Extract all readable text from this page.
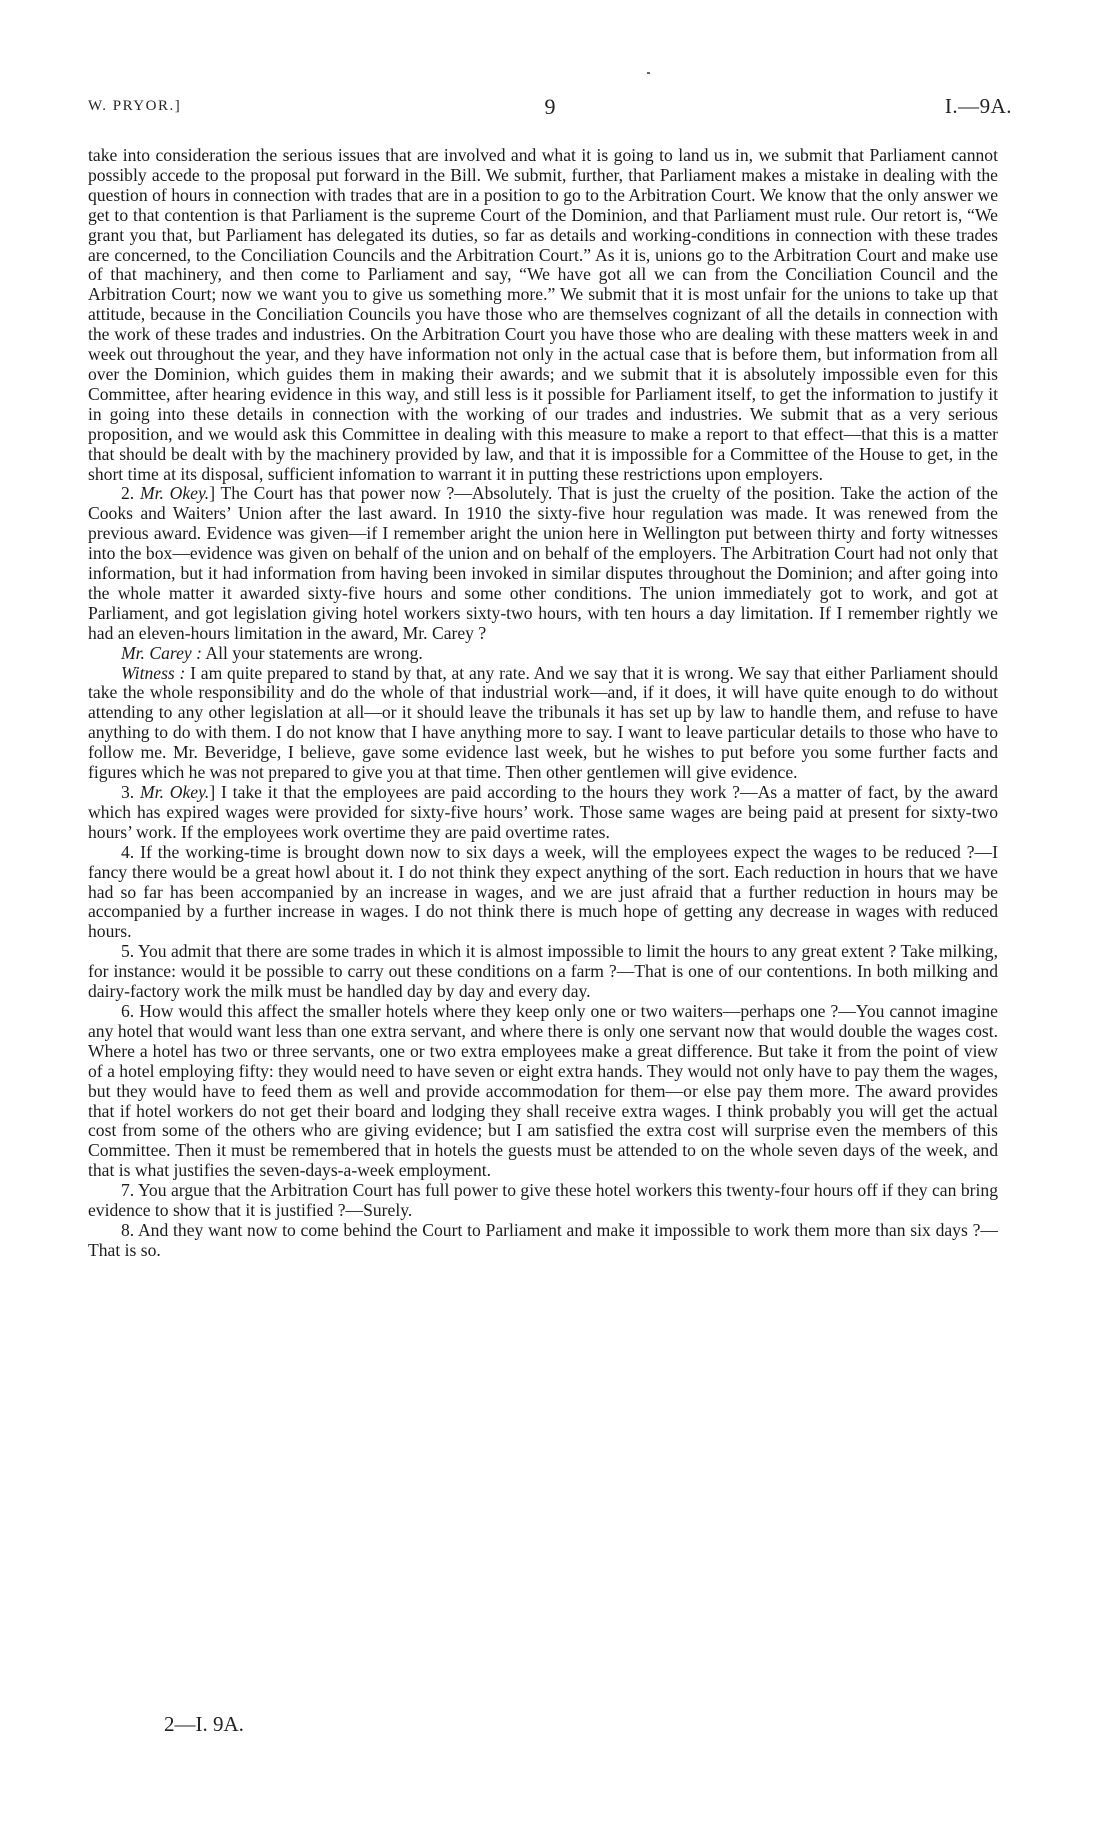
W. PRYOR.]	9	I.—9A.

take into consideration the serious issues that are involved and what it is going to land us in, we submit that Parliament cannot possibly accede to the proposal put forward in the Bill. We submit, further, that Parliament makes a mistake in dealing with the question of hours in connection with trades that are in a position to go to the Arbitration Court. We know that the only answer we get to that contention is that Parliament is the supreme Court of the Dominion, and that Parliament must rule. Our retort is, “We grant you that, but Parliament has delegated its duties, so far as details and working-conditions in connection with these trades are concerned, to the Conciliation Councils and the Arbitration Court.” As it is, unions go to the Arbitration Court and make use of that machinery, and then come to Parliament and say, “We have got all we can from the Conciliation Council and the Arbitration Court; now we want you to give us something more.” We submit that it is most unfair for the unions to take up that attitude, because in the Conciliation Councils you have those who are themselves cognizant of all the details in connection with the work of these trades and industries. On the Arbitration Court you have those who are dealing with these matters week in and week out throughout the year, and they have information not only in the actual case that is before them, but information from all over the Dominion, which guides them in making their awards; and we submit that it is absolutely impossible even for this Committee, after hearing evidence in this way, and still less is it possible for Parliament itself, to get the information to justify it in going into these details in connection with the working of our trades and industries. We submit that as a very serious proposition, and we would ask this Committee in dealing with this measure to make a report to that effect—that this is a matter that should be dealt with by the machinery provided by law, and that it is impossible for a Committee of the House to get, in the short time at its disposal, sufficient infomation to warrant it in putting these restrictions upon employers.

2. Mr. Okey.] The Court has that power now ?—Absolutely. That is just the cruelty of the position. Take the action of the Cooks and Waiters’ Union after the last award. In 1910 the sixty-five hour regulation was made. It was renewed from the previous award. Evidence was given—if I remember aright the union here in Wellington put between thirty and forty witnesses into the box—evidence was given on behalf of the union and on behalf of the employers. The Arbitration Court had not only that information, but it had information from having been invoked in similar disputes throughout the Dominion; and after going into the whole matter it awarded sixty-five hours and some other conditions. The union immediately got to work, and got at Parliament, and got legislation giving hotel workers sixty-two hours, with ten hours a day limitation. If I remember rightly we had an eleven-hours limitation in the award, Mr. Carey ?

Mr. Carey : All your statements are wrong.

Witness : I am quite prepared to stand by that, at any rate. And we say that it is wrong. We say that either Parliament should take the whole responsibility and do the whole of that industrial work—and, if it does, it will have quite enough to do without attending to any other legislation at all—or it should leave the tribunals it has set up by law to handle them, and refuse to have anything to do with them. I do not know that I have anything more to say. I want to leave particular details to those who have to follow me. Mr. Beveridge, I believe, gave some evidence last week, but he wishes to put before you some further facts and figures which he was not prepared to give you at that time. Then other gentlemen will give evidence.

3. Mr. Okey.] I take it that the employees are paid according to the hours they work ?—As a matter of fact, by the award which has expired wages were provided for sixty-five hours’ work. Those same wages are being paid at present for sixty-two hours’ work. If the employees work overtime they are paid overtime rates.

4. If the working-time is brought down now to six days a week, will the employees expect the wages to be reduced ?—I fancy there would be a great howl about it. I do not think they expect anything of the sort. Each reduction in hours that we have had so far has been accompanied by an increase in wages, and we are just afraid that a further reduction in hours may be accompanied by a further increase in wages. I do not think there is much hope of getting any decrease in wages with reduced hours.

5. You admit that there are some trades in which it is almost impossible to limit the hours to any great extent ? Take milking, for instance: would it be possible to carry out these conditions on a farm ?—That is one of our contentions. In both milking and dairy-factory work the milk must be handled day by day and every day.

6. How would this affect the smaller hotels where they keep only one or two waiters—perhaps one ?—You cannot imagine any hotel that would want less than one extra servant, and where there is only one servant now that would double the wages cost. Where a hotel has two or three servants, one or two extra employees make a great difference. But take it from the point of view of a hotel employing fifty: they would need to have seven or eight extra hands. They would not only have to pay them the wages, but they would have to feed them as well and provide accommodation for them—or else pay them more. The award provides that if hotel workers do not get their board and lodging they shall receive extra wages. I think probably you will get the actual cost from some of the others who are giving evidence; but I am satisfied the extra cost will surprise even the members of this Committee. Then it must be remembered that in hotels the guests must be attended to on the whole seven days of the week, and that is what justifies the seven-days-a-week employment.

7. You argue that the Arbitration Court has full power to give these hotel workers this twenty-four hours off if they can bring evidence to show that it is justified ?—Surely.

8. And they want now to come behind the Court to Parliament and make it impossible to work them more than six days ?—That is so.

2—I. 9A.
